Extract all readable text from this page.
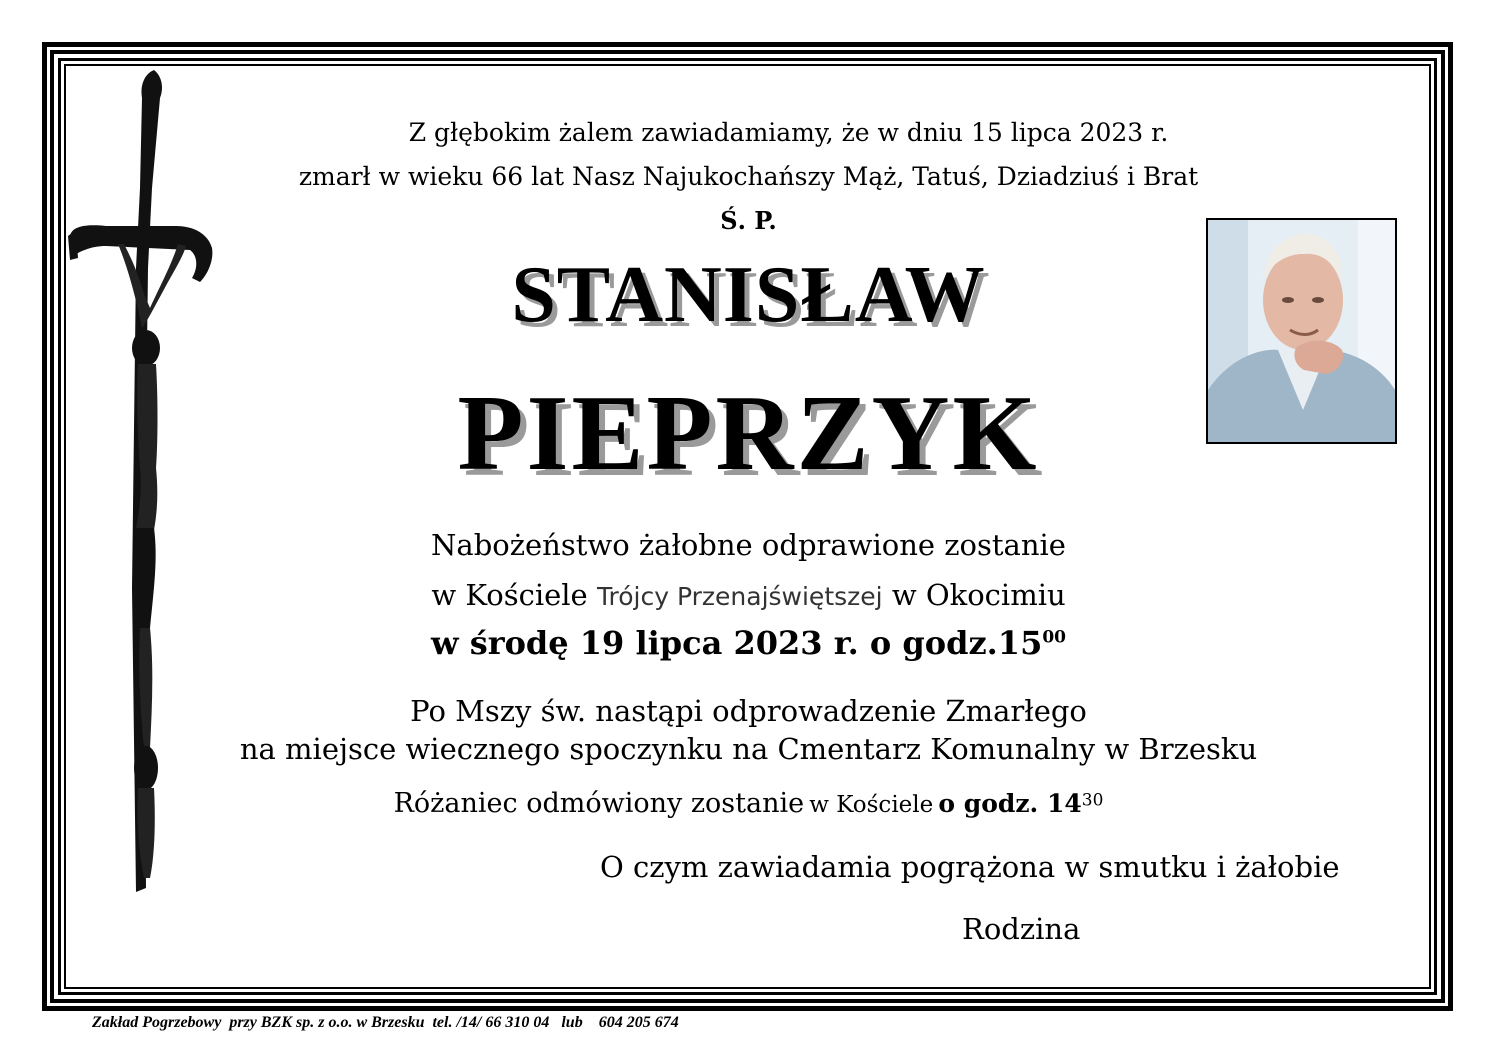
Z głębokim żalem zawiadamiamy, że w dniu 15 lipca 2023 r.
zmarł w wieku 66 lat Nasz Najukochańszy Mąż, Tatuś, Dziadziuś i Brat
Ś. P.
STANISŁAW
PIEPRZYK
Nabożeństwo żałobne odprawione zostanie
w Kościele Trójcy Przenajświętszej w Okocimiu
w środę 19 lipca 2023 r. o $godz.15^{00}$
Po Mszy św. nastąpi odprowadzenie Zmarłego
na miejsce wiecznego spoczynku na Cmentarz Komunalny w Brzesku
Różaniec odmówiony zostanie w Kościele o godz. 1430
O czym zawiadamia pogrążona w smutku i żałobie
Rodzina
Zakład Pogrzebowy  przy BZK sp. z o.o. w Brzesku  tel. /14/ 66 310 04   lub    604 205 674
